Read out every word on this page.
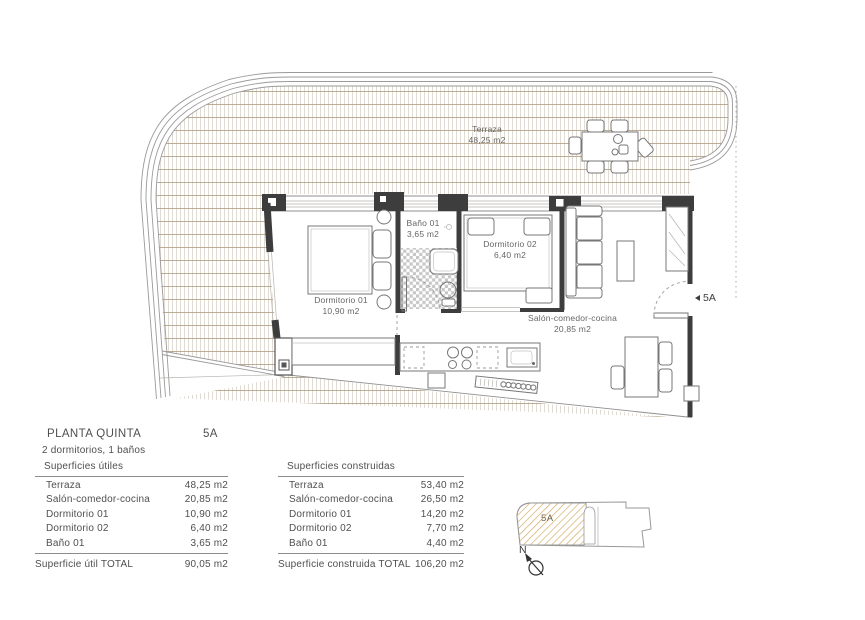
Terraza
48,25 m2
Baño 01
3,65 m2
Dormitorio 02
6,40 m2
Dormitorio 01
10,90 m2
Salón-comedor-cocina
20,85 m2
5A
5A
N
PLANTA QUINTA	5A
2 dormitorios, 1 baños
Superficies útiles
Terraza	48,25 m2
Salón-comedor-cocina	20,85 m2
Dormitorio 01	10,90 m2
Dormitorio 02	6,40 m2
Baño 01	3,65 m2
Superficie útil TOTAL	90,05 m2
Superficies construidas
Terraza	53,40 m2
Salón-comedor-cocina	26,50 m2
Dormitorio 01	14,20 m2
Dormitorio 02	7,70 m2
Baño 01	4,40 m2
Superficie construida TOTAL 106,20 m2
